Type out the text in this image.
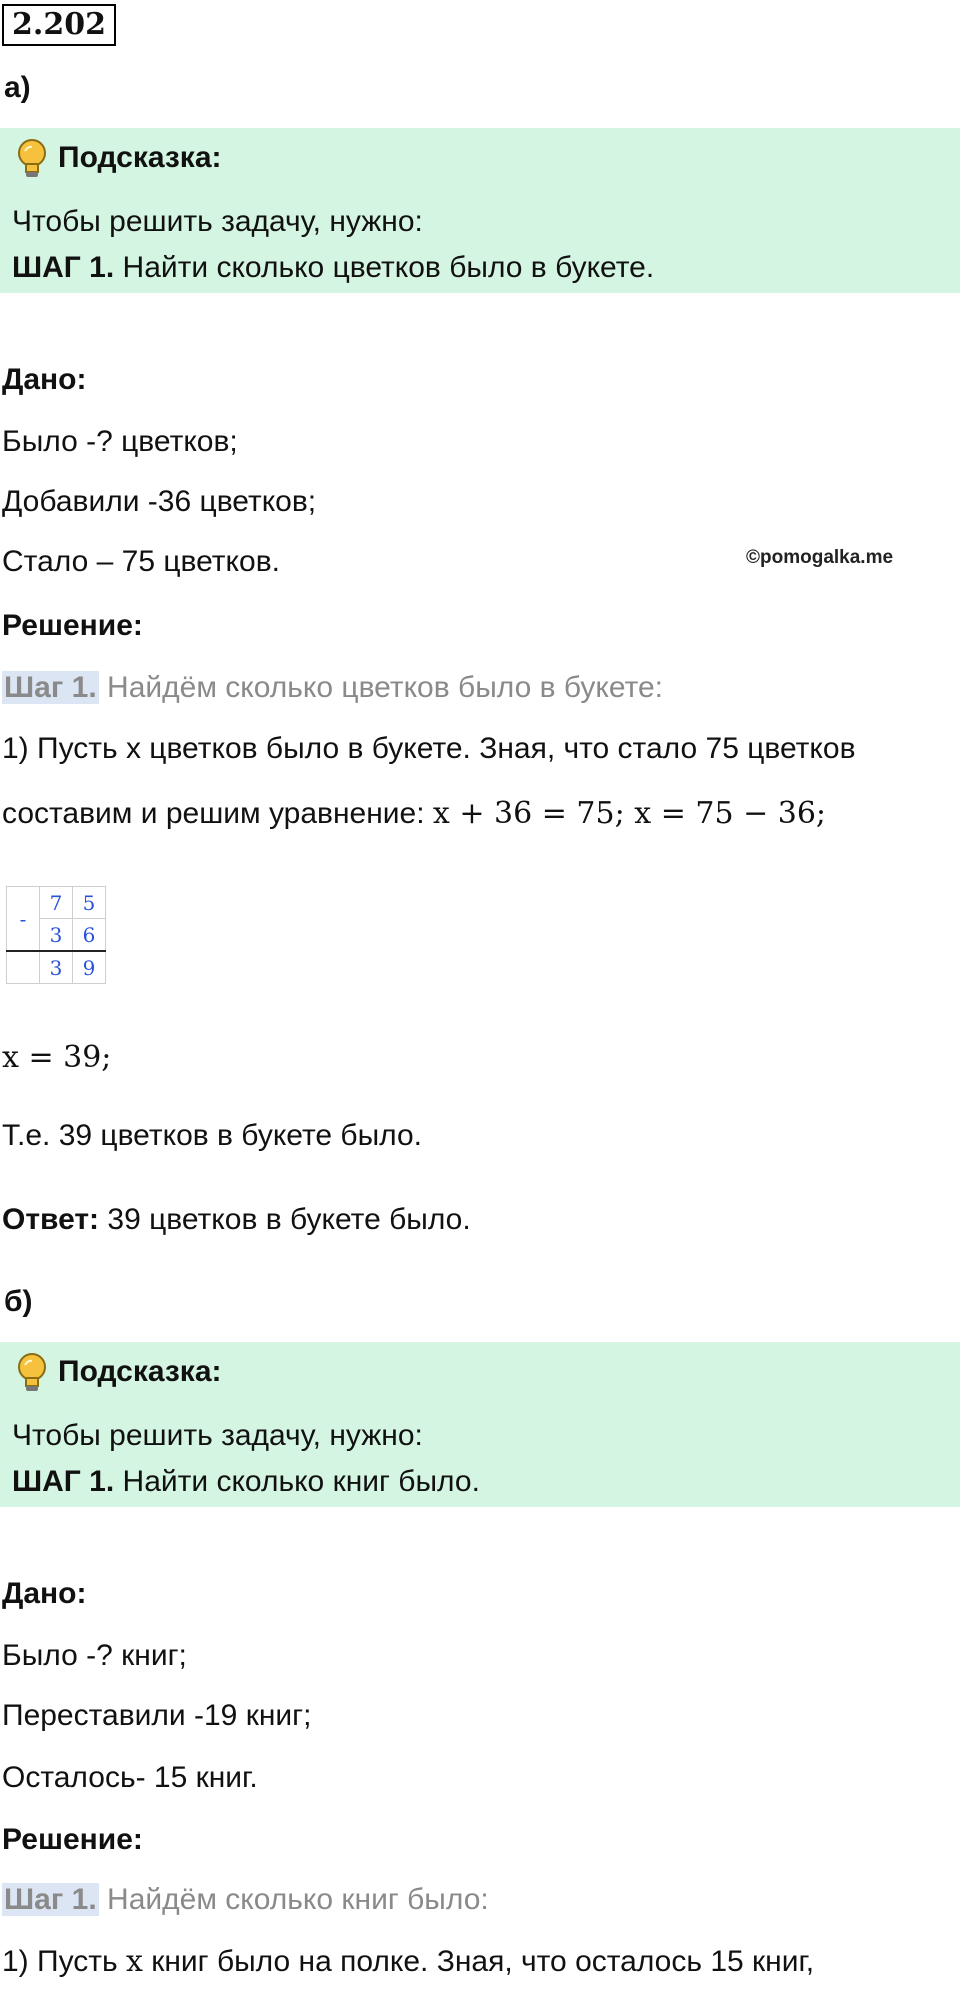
2.202
а)
Подсказка:
Чтобы решить задачу, нужно:
ШАГ 1. Найти сколько цветков было в букете.
Дано:
Было -? цветков;
Добавили -36 цветков;
Стало – 75 цветков.	©pomogalka.me
Решение:
Шаг 1. Найдём сколько цветков было в букете:
1) Пусть х цветков было в букете. Зная, что стало 75 цветков
составим и решим уравнение: x + 36 = 75; x = 75 − 36;
-	7	5
	3	6
	3	9
x = 39;
Т.е. 39 цветков в букете было.
Ответ: 39 цветков в букете было.
б)
Подсказка:
Чтобы решить задачу, нужно:
ШАГ 1. Найти сколько книг было.
Дано:
Было -? книг;
Переставили -19 книг;
Осталось- 15 книг.
Решение:
Шаг 1. Найдём сколько книг было:
1) Пусть x книг было на полке. Зная, что осталось 15 книг,
